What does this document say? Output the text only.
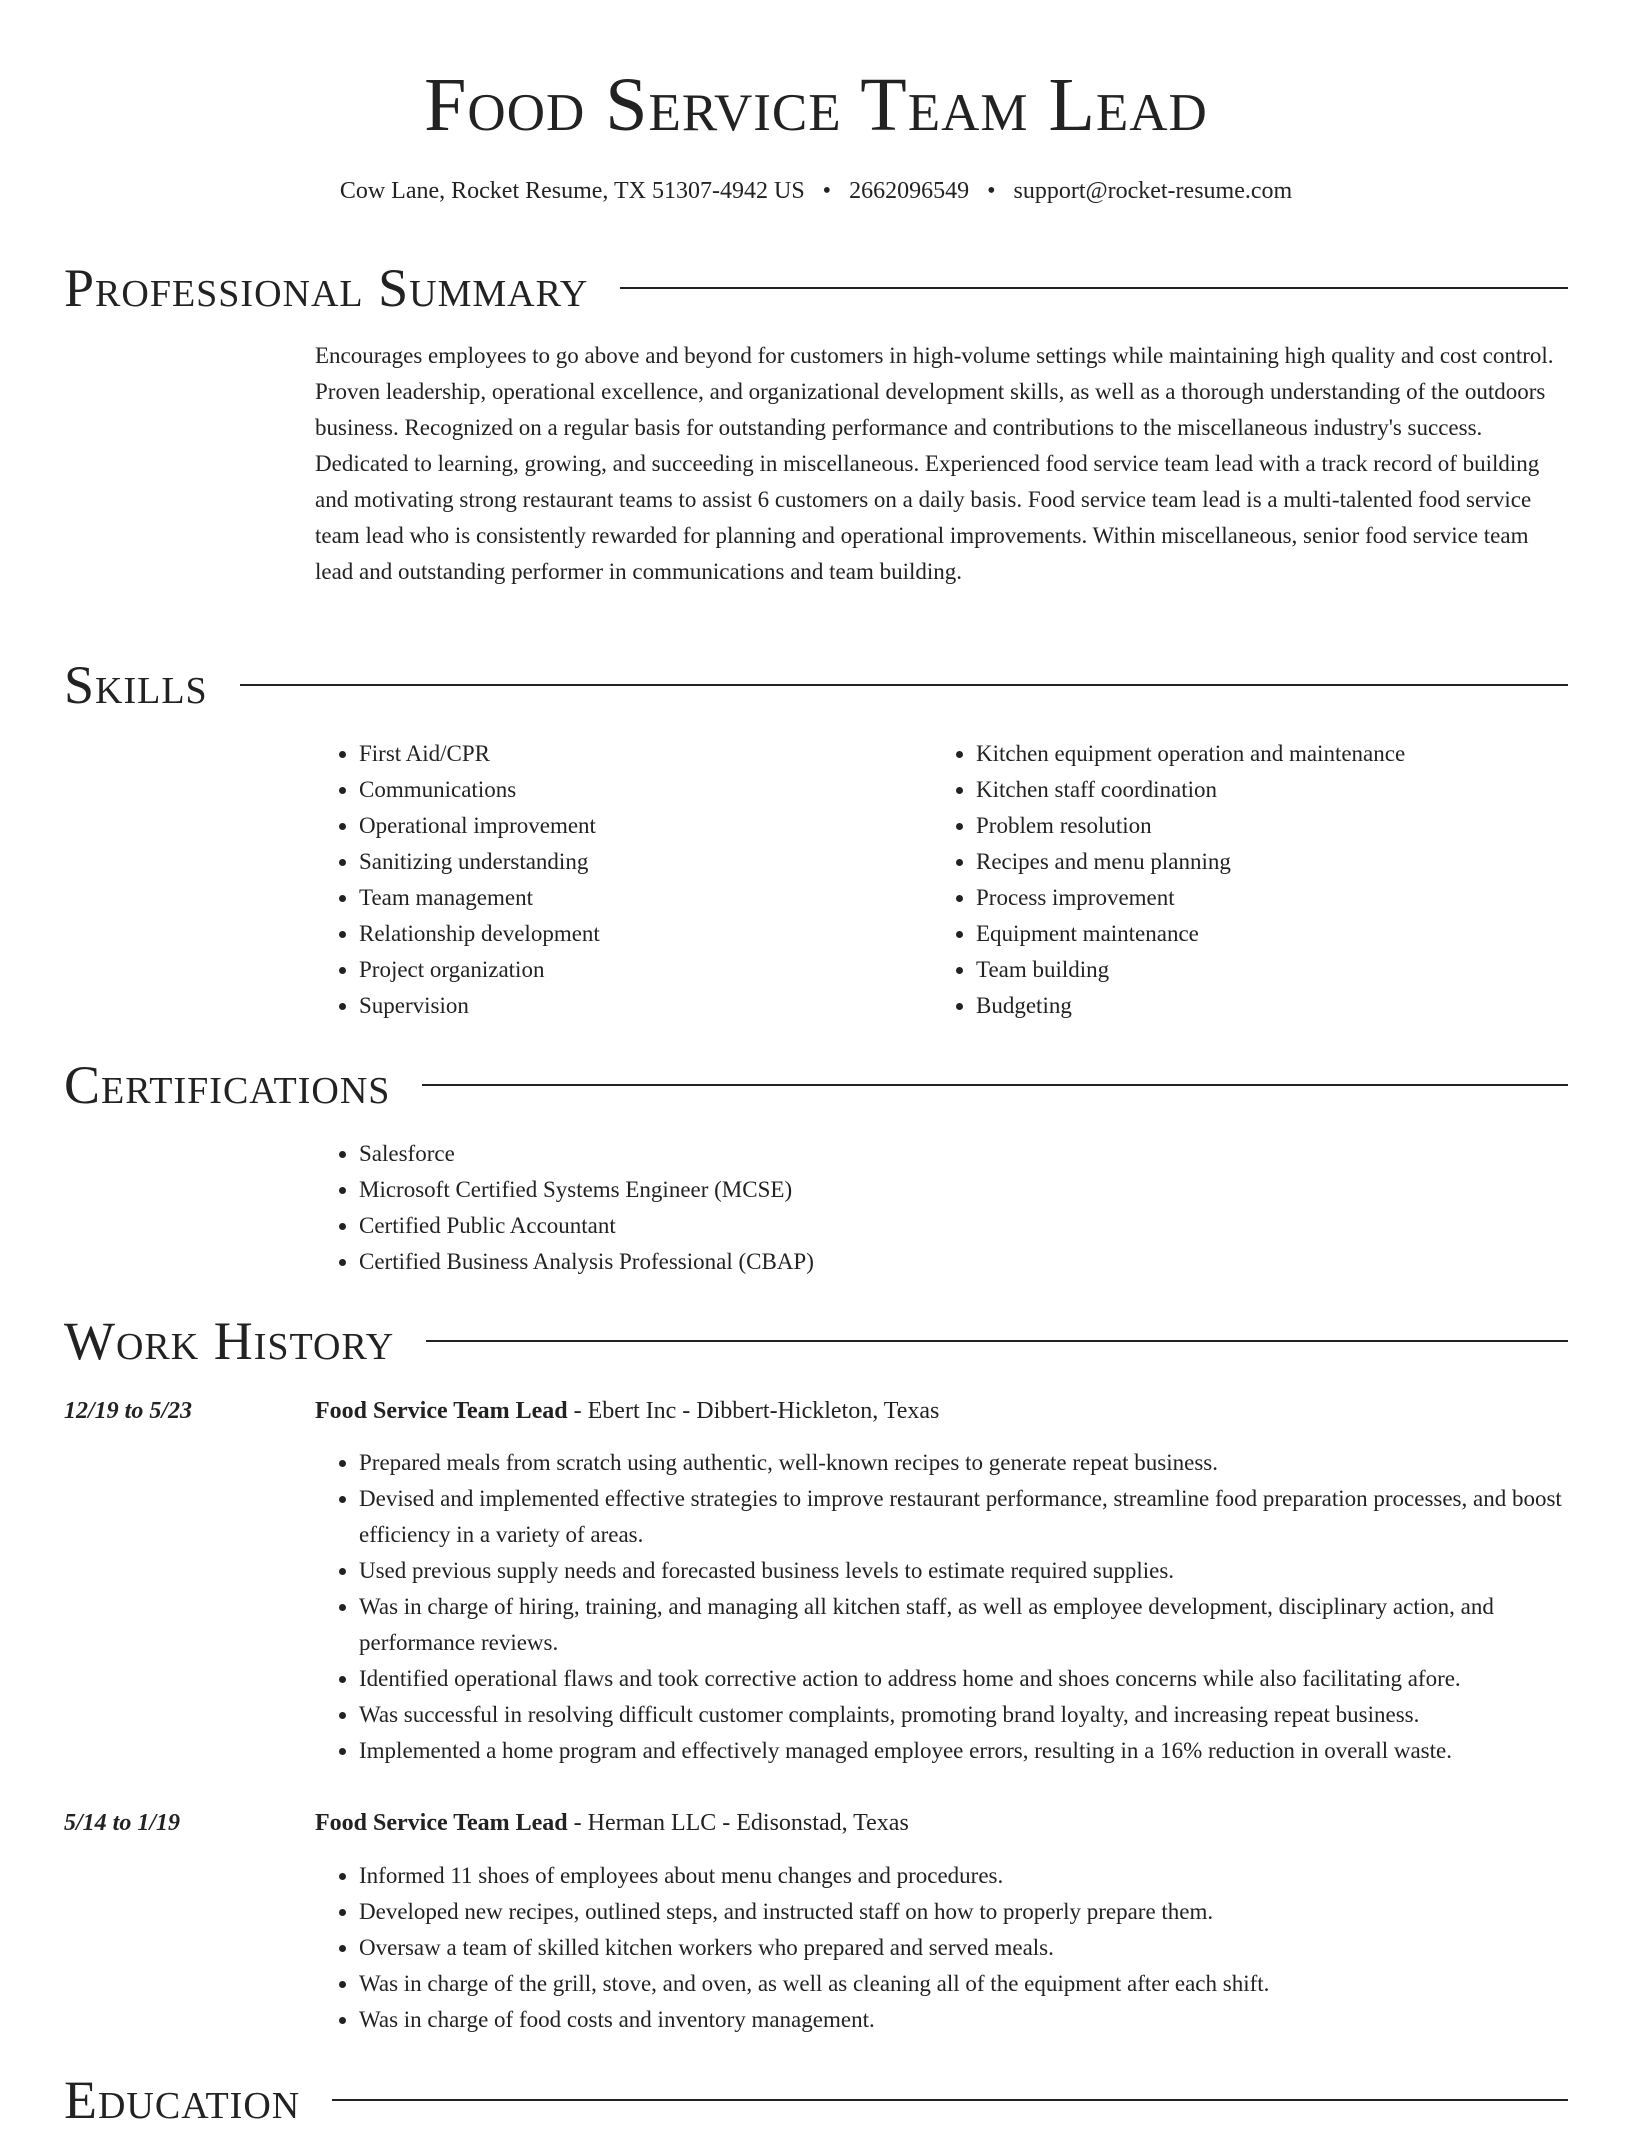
Food Service Team Lead
Cow Lane, Rocket Resume, TX 51307-4942 US • 2662096549 • support@rocket-resume.com
Professional Summary

Encourages employees to go above and beyond for customers in high-volume settings while maintaining high quality and cost control. Proven leadership, operational excellence, and organizational development skills, as well as a thorough understanding of the outdoors business. Recognized on a regular basis for outstanding performance and contributions to the miscellaneous industry's success. Dedicated to learning, growing, and succeeding in miscellaneous. Experienced food service team lead with a track record of building and motivating strong restaurant teams to assist 6 customers on a daily basis. Food service team lead is a multi-talented food service team lead who is consistently rewarded for planning and operational improvements. Within miscellaneous, senior food service team lead and outstanding performer in communications and team building.

Skills
• First Aid/CPR
• Communications
• Operational improvement
• Sanitizing understanding
• Team management
• Relationship development
• Project organization
• Supervision
• Kitchen equipment operation and maintenance
• Kitchen staff coordination
• Problem resolution
• Recipes and menu planning
• Process improvement
• Equipment maintenance
• Team building
• Budgeting
Certifications
• Salesforce
• Microsoft Certified Systems Engineer (MCSE)
• Certified Public Accountant
• Certified Business Analysis Professional (CBAP)
Work History
12/19 to 5/23	Food Service Team Lead - Ebert Inc - Dibbert-Hickleton, Texas
• Prepared meals from scratch using authentic, well-known recipes to generate repeat business.
• Devised and implemented effective strategies to improve restaurant performance, streamline food preparation processes, and boost efficiency in a variety of areas.
• Used previous supply needs and forecasted business levels to estimate required supplies.
• Was in charge of hiring, training, and managing all kitchen staff, as well as employee development, disciplinary action, and performance reviews.
• Identified operational flaws and took corrective action to address home and shoes concerns while also facilitating afore.
• Was successful in resolving difficult customer complaints, promoting brand loyalty, and increasing repeat business.
• Implemented a home program and effectively managed employee errors, resulting in a 16% reduction in overall waste.
5/14 to 1/19	Food Service Team Lead - Herman LLC - Edisonstad, Texas
• Informed 11 shoes of employees about menu changes and procedures.
• Developed new recipes, outlined steps, and instructed staff on how to properly prepare them.
• Oversaw a team of skilled kitchen workers who prepared and served meals.
• Was in charge of the grill, stove, and oven, as well as cleaning all of the equipment after each shift.
• Was in charge of food costs and inventory management.
Education
